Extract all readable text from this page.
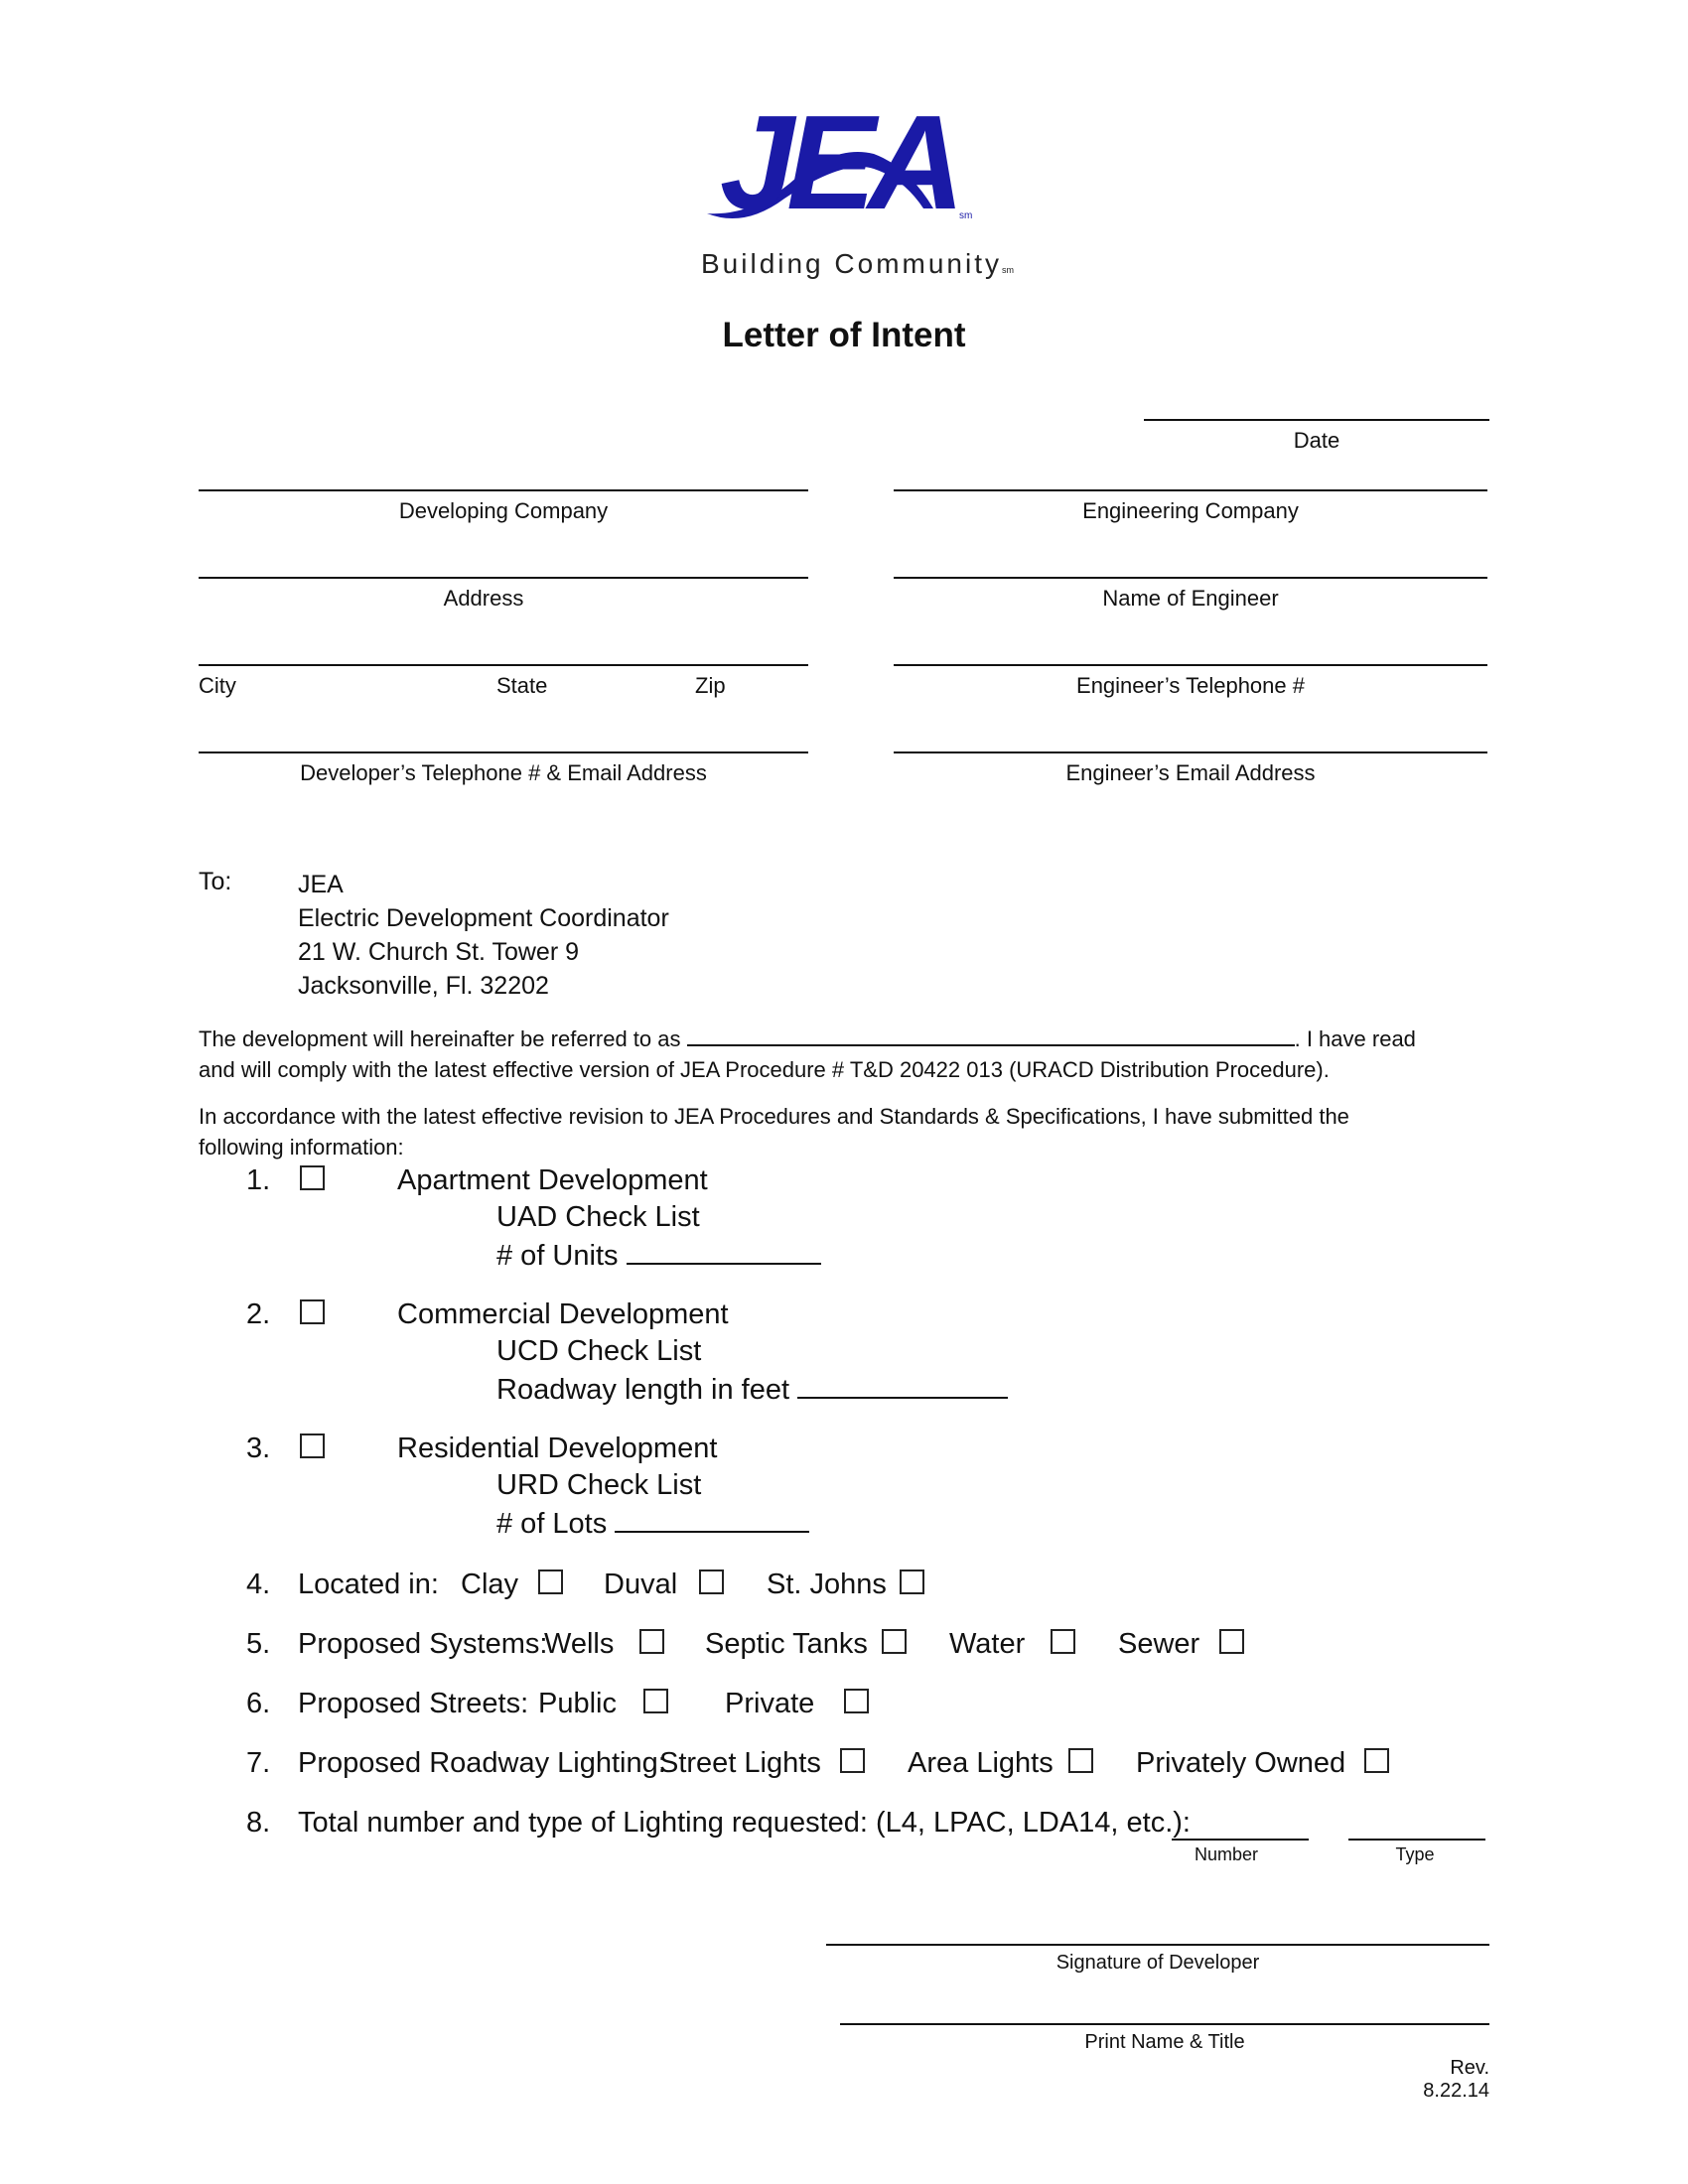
JEA sm
Building Communitysm
Letter of Intent
Date
Developing Company	Engineering Company
Address	Name of Engineer
City	State	Zip	Engineer’s Telephone #
Developer’s Telephone # & Email Address	Engineer’s Email Address
To:	JEA
Electric Development Coordinator
21 W. Church St. Tower 9
Jacksonville, Fl. 32202
The development will hereinafter be referred to as	. I have read
and will comply with the latest effective version of JEA Procedure # T&D 20422 013 (URACD Distribution Procedure).
In accordance with the latest effective revision to JEA Procedures and Standards & Specifications, I have submitted the following information:
1.	Apartment Development
UAD Check List
# of Units
2.	Commercial Development
UCD Check List
Roadway length in feet
3.	Residential Development
URD Check List
# of Lots
4. Located in: Clay	Duval	St. Johns
5. Proposed Systems:
Wells	Septic Tanks	Water	Sewer
6. Proposed Streets: Public	Private
7. Proposed Roadway Lighting:
Street Lights	Area Lights	Privately Owned
8. Total number and type of Lighting requested: (L4, LPAC, LDA14, etc.):
Number	Type
Signature of Developer
Print Name & Title
Rev. 8.22.14
